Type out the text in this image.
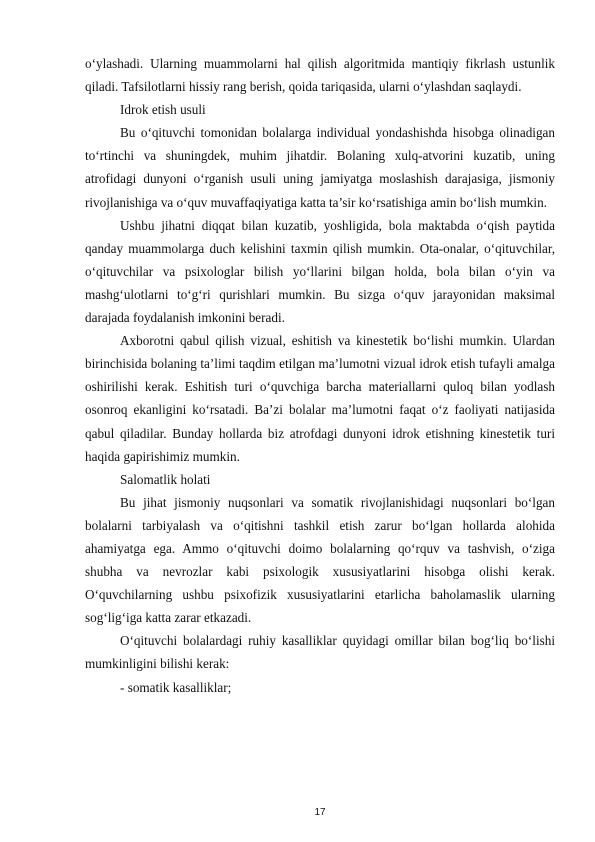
o‘ylashadi. Ularning muammolarni hal qilish algoritmida mantiqiy fikrlash ustunlik qiladi. Tafsilotlarni hissiy rang berish, qoida tariqasida, ularni o‘ylashdan saqlaydi.

Idrok etish usuli

Bu o‘qituvchi tomonidan bolalarga individual yondashishda hisobga olinadigan to‘rtinchi va shuningdek, muhim jihatdir. Bolaning xulq-atvorini kuzatib, uning atrofidagi dunyoni o‘rganish usuli uning jamiyatga moslashish darajasiga, jismoniy rivojlanishiga va o‘quv muvaffaqiyatiga katta ta’sir ko‘rsatishiga amin bo‘lish mumkin.

Ushbu jihatni diqqat bilan kuzatib, yoshligida, bola maktabda o‘qish paytida qanday muammolarga duch kelishini taxmin qilish mumkin. Ota-onalar, o‘qituvchilar, o‘qituvchilar va psixologlar bilish yo‘llarini bilgan holda, bola bilan o‘yin va mashg‘ulotlarni to‘g‘ri qurishlari mumkin. Bu sizga o‘quv jarayonidan maksimal darajada foydalanish imkonini beradi.

Axborotni qabul qilish vizual, eshitish va kinestetik bo‘lishi mumkin. Ulardan birinchisida bolaning ta’limi taqdim etilgan ma’lumotni vizual idrok etish tufayli amalga oshirilishi kerak. Eshitish turi o‘quvchiga barcha materiallarni quloq bilan yodlash osonroq ekanligini ko‘rsatadi. Ba’zi bolalar ma’lumotni faqat o‘z faoliyati natijasida qabul qiladilar. Bunday hollarda biz atrofdagi dunyoni idrok etishning kinestetik turi haqida gapirishimiz mumkin.

Salomatlik holati

Bu jihat jismoniy nuqsonlari va somatik rivojlanishidagi nuqsonlari bo‘lgan bolalarni tarbiyalash va o‘qitishni tashkil etish zarur bo‘lgan hollarda alohida ahamiyatga ega. Ammo o‘qituvchi doimo bolalarning qo‘rquv va tashvish, o‘ziga shubha va nevrozlar kabi psixologik xususiyatlarini hisobga olishi kerak. O‘quvchilarning ushbu psixofizik xususiyatlarini etarlicha baholamaslik ularning sog‘lig‘iga katta zarar etkazadi.

O‘qituvchi bolalardagi ruhiy kasalliklar quyidagi omillar bilan bog‘liq bo‘lishi mumkinligini bilishi kerak:

- somatik kasalliklar;

17
